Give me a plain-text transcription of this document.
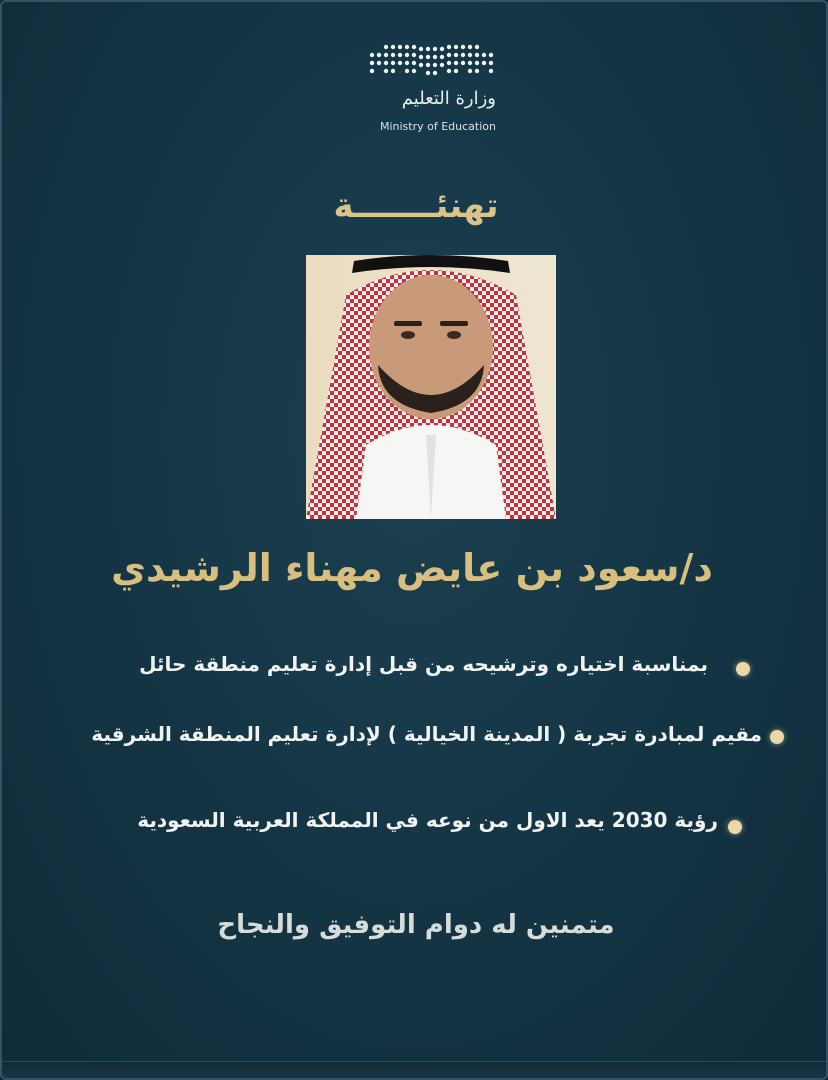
وزارة التعليم
Ministry of Education
تهنئـــــــة
د/سعود بن عايض مهناء الرشيدي
بمناسبة اختياره وترشيحه من قبل إدارة تعليم منطقة حائل
مقيم لمبادرة تجربة ( المدينة الخيالية ) لإدارة تعليم المنطقة الشرقية
رؤية 2030 يعد الاول من نوعه في المملكة العربية السعودية
متمنين له دوام التوفيق والنجاح
